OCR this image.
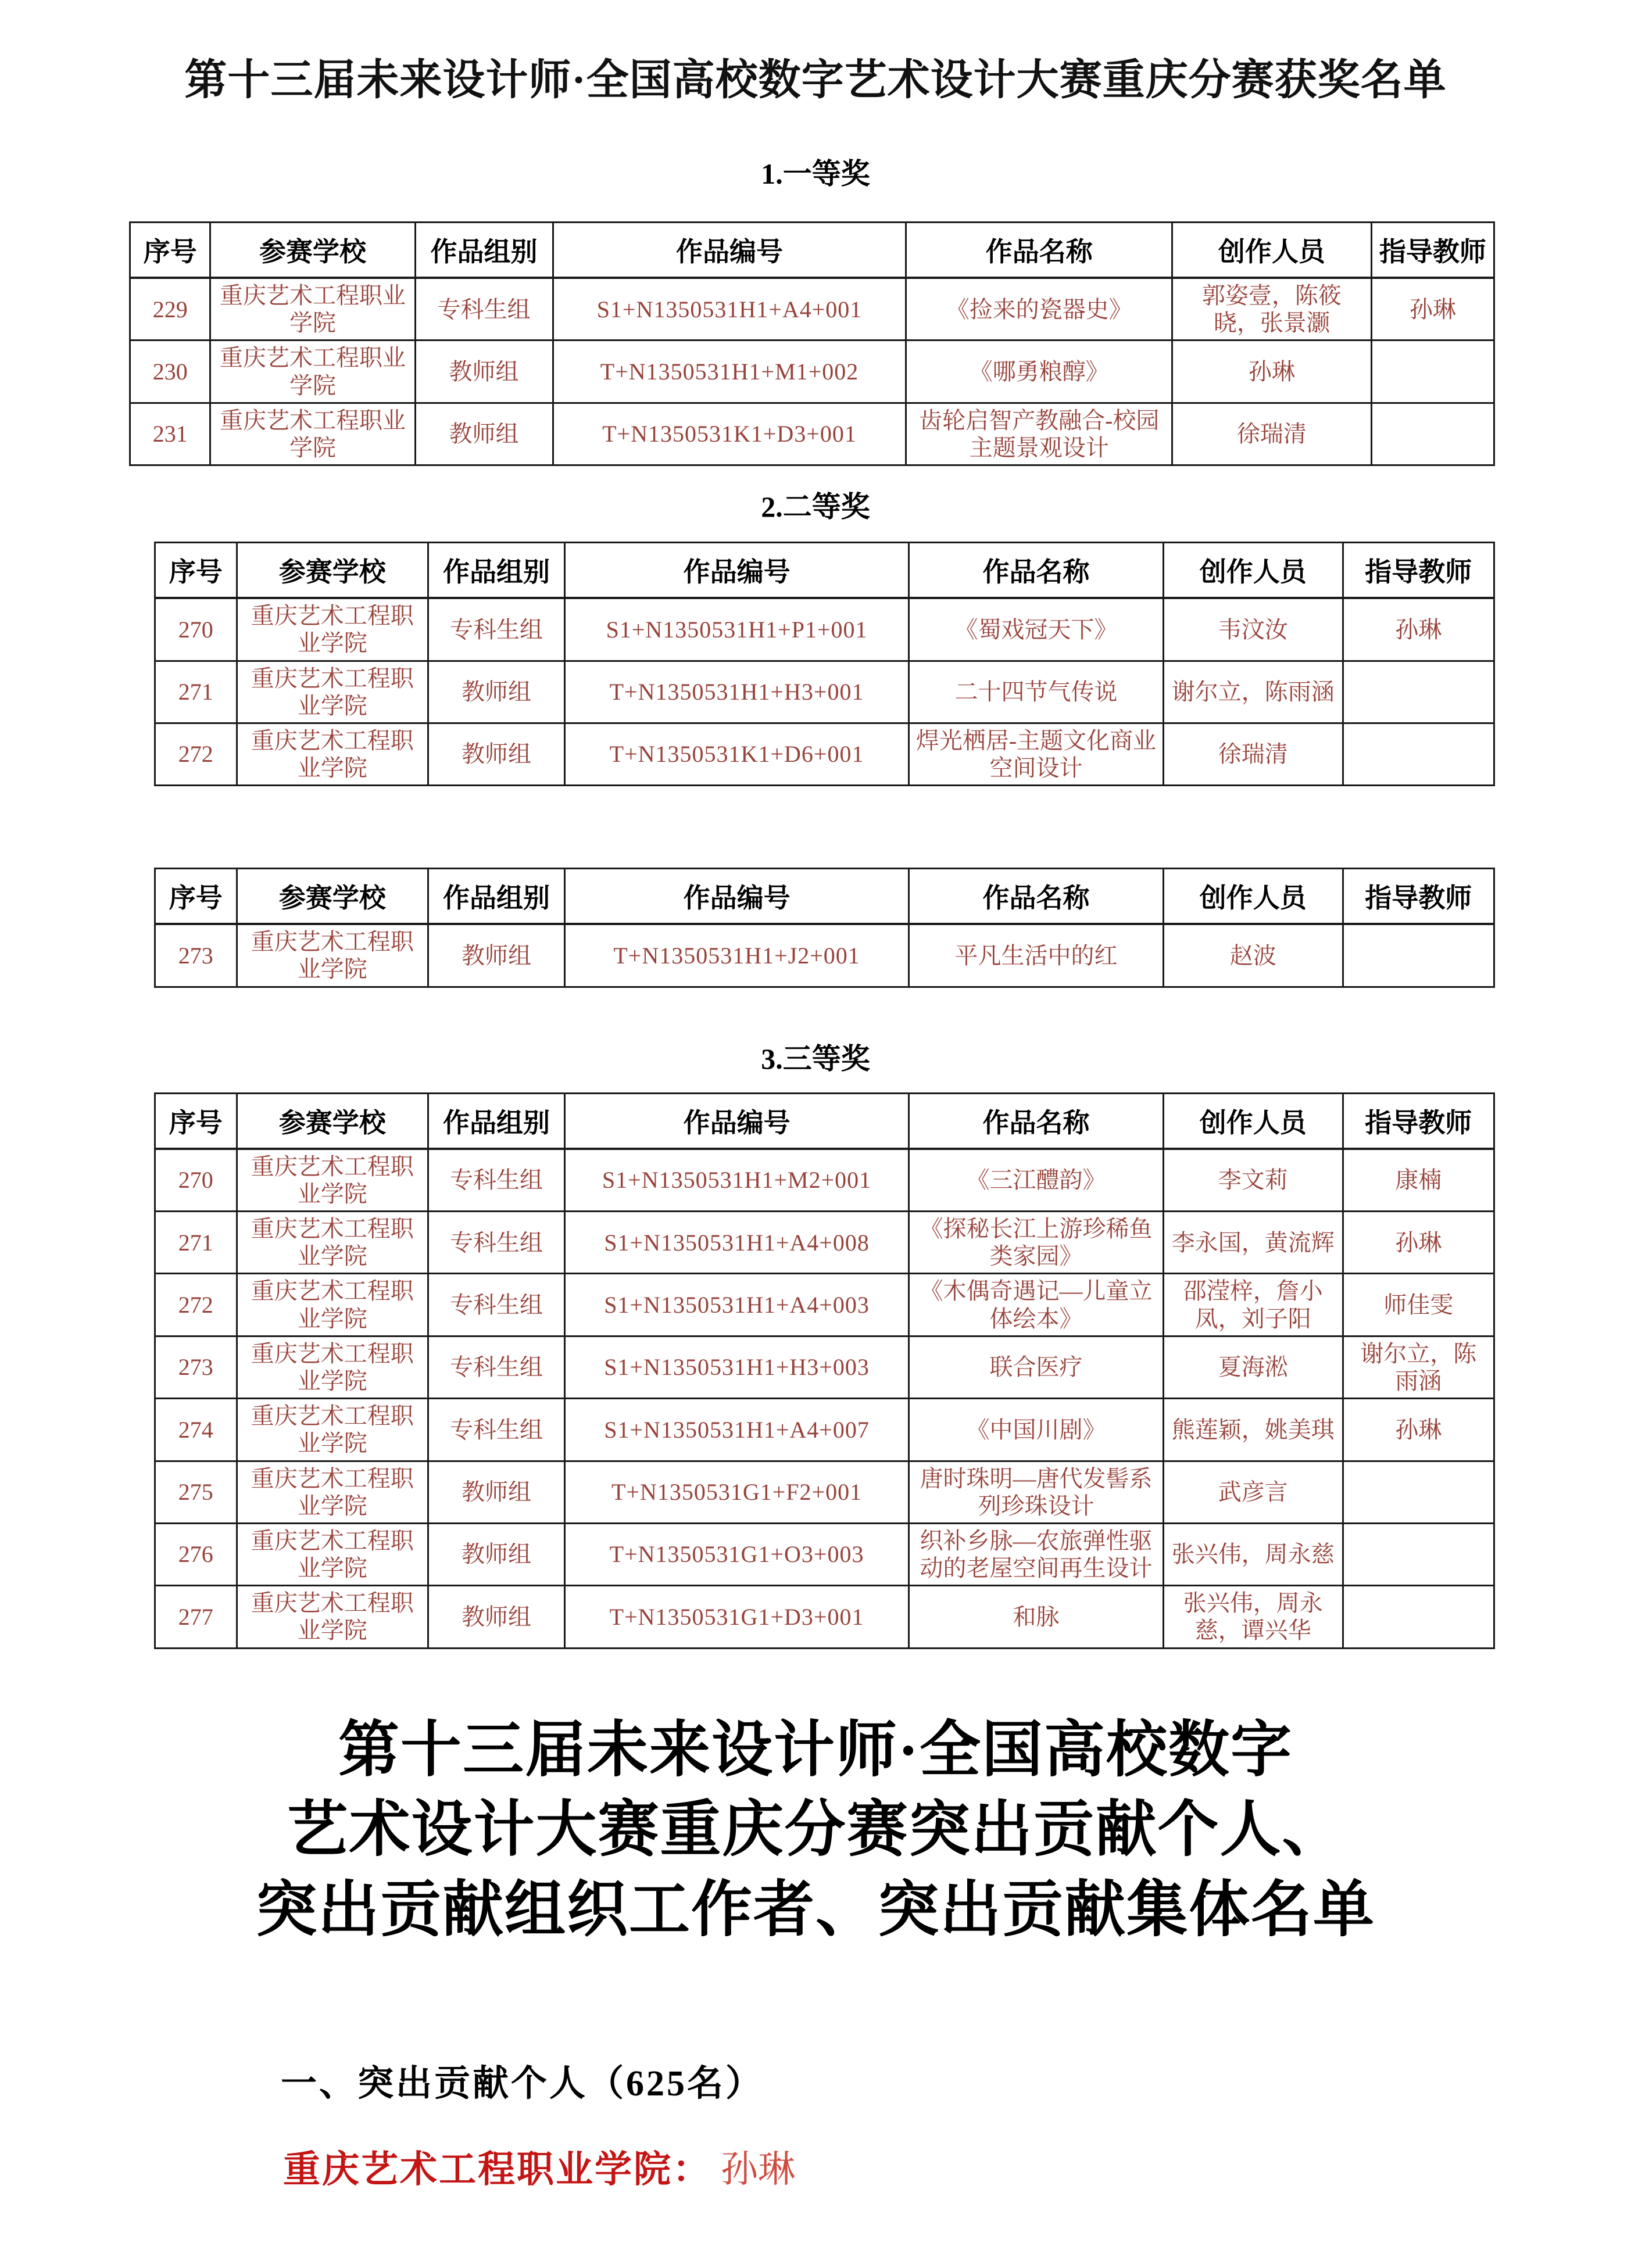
第十三届未来设计师·全国高校数字艺术设计大赛重庆分赛获奖名单
1.一等奖
序号	参赛学校	作品组别	作品编号	作品名称	创作人员	指导教师
229	重庆艺术工程职业学院	专科生组	S1+N1350531H1+A4+001	《捡来的瓷器史》	郭姿壹，陈筱晓，张景灏	孙琳
230	重庆艺术工程职业学院	教师组	T+N1350531H1+M1+002	《哪勇粮醇》	孙琳	
231	重庆艺术工程职业学院	教师组	T+N1350531K1+D3+001	齿轮启智产教融合-校园主题景观设计	徐瑞清	
2.二等奖
序号	参赛学校	作品组别	作品编号	作品名称	创作人员	指导教师
270	重庆艺术工程职业学院	专科生组	S1+N1350531H1+P1+001	《蜀戏冠天下》	韦汶汝	孙琳
271	重庆艺术工程职业学院	教师组	T+N1350531H1+H3+001	二十四节气传说	谢尔立，陈雨涵	
272	重庆艺术工程职业学院	教师组	T+N1350531K1+D6+001	焊光栖居-主题文化商业空间设计	徐瑞清	
序号	参赛学校	作品组别	作品编号	作品名称	创作人员	指导教师
273	重庆艺术工程职业学院	教师组	T+N1350531H1+J2+001	平凡生活中的红	赵波	
3.三等奖
序号	参赛学校	作品组别	作品编号	作品名称	创作人员	指导教师
270	重庆艺术工程职业学院	专科生组	S1+N1350531H1+M2+001	《三江醴韵》	李文莉	康楠
271	重庆艺术工程职业学院	专科生组	S1+N1350531H1+A4+008	《探秘长江上游珍稀鱼类家园》	李永国，黄流辉	孙琳
272	重庆艺术工程职业学院	专科生组	S1+N1350531H1+A4+003	《木偶奇遇记—儿童立体绘本》	邵滢梓，詹小凤，刘子阳	师佳雯
273	重庆艺术工程职业学院	专科生组	S1+N1350531H1+H3+003	联合医疗	夏海淞	谢尔立，陈雨涵
274	重庆艺术工程职业学院	专科生组	S1+N1350531H1+A4+007	《中国川剧》	熊莲颖，姚美琪	孙琳
275	重庆艺术工程职业学院	教师组	T+N1350531G1+F2+001	唐时珠明—唐代发髻系列珍珠设计	武彦言	
276	重庆艺术工程职业学院	教师组	T+N1350531G1+O3+003	织补乡脉—农旅弹性驱动的老屋空间再生设计	张兴伟，周永慈	
277	重庆艺术工程职业学院	教师组	T+N1350531G1+D3+001	和脉	张兴伟，周永慈，谭兴华	
第十三届未来设计师·全国高校数字
艺术设计大赛重庆分赛突出贡献个人、
突出贡献组织工作者、突出贡献集体名单
一、突出贡献个人（625名）
重庆艺术工程职业学院： 孙琳
